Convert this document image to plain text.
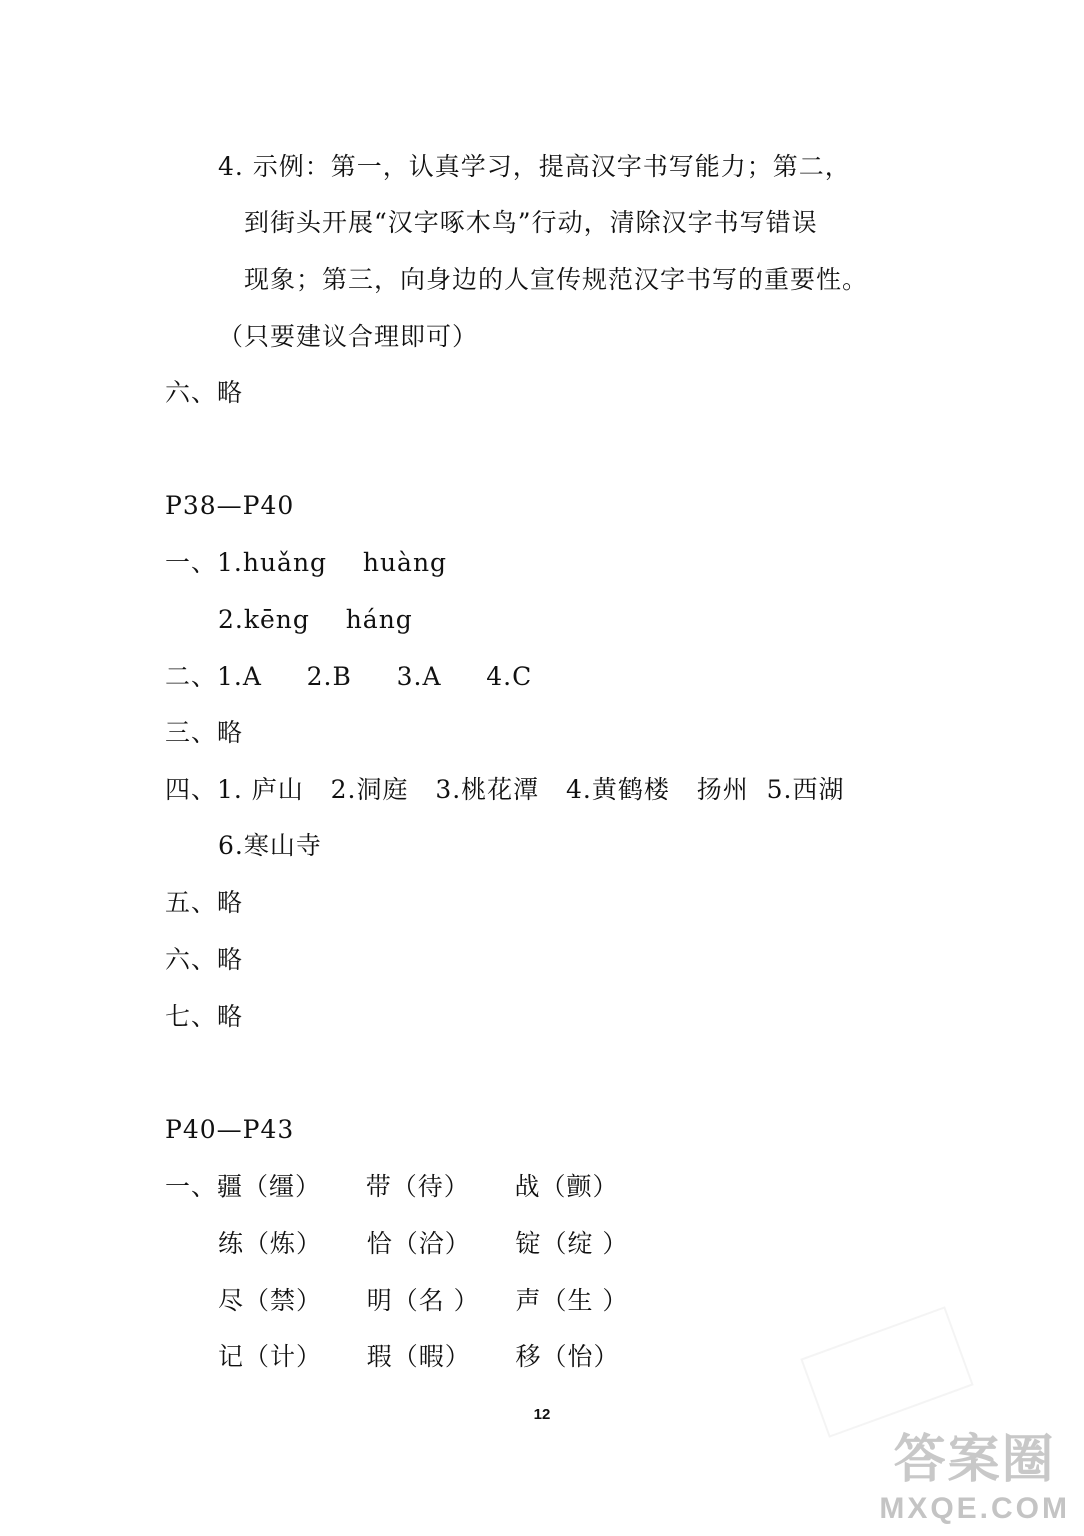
4. 示例：第一，认真学习，提高汉字书写能力；第二，
到街头开展“汉字啄木鸟”行动，清除汉字书写错误
现象；第三，向身边的人宣传规范汉字书写的重要性。
（只要建议合理即可）
六、略
P38—P40
一、1.huǎng    huàng
2.kēng    háng
二、1.A     2.B     3.A     4.C
三、略
四、1. 庐山   2.洞庭   3.桃花潭   4.黄鹤楼   扬州  5.西湖
6.寒山寺
五、略
六、略
七、略
P40—P43
一、疆（缰）     带（待）     战（颤）
练（炼）     恰（洽）     锭（绽 ）
尽（禁）     明（名 ）    声（生 ）
记（计）     瑕（暇）     移（怡）
12
答案圈
MXQE.COM
